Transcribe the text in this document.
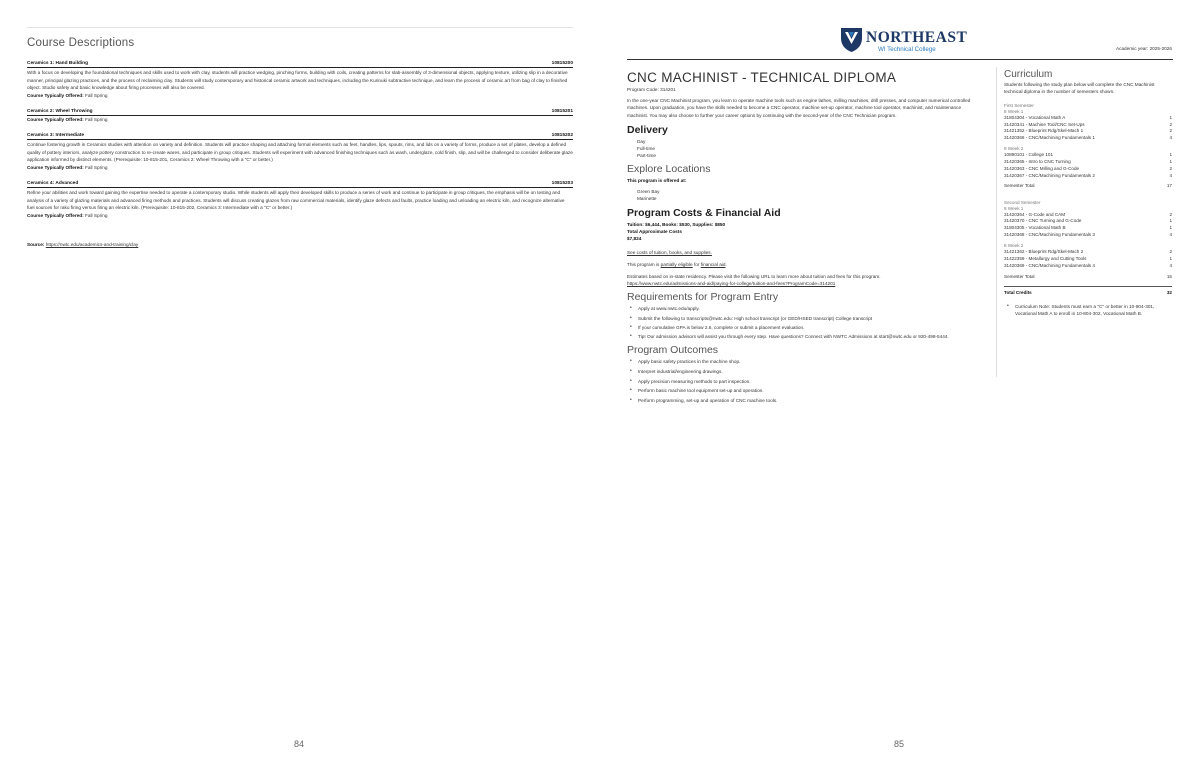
Course Descriptions
Ceramics 1: Hand Building	10815200
With a focus on developing the foundational techniques and skills used to work with clay, students will practice wedging, pinching forms, building with coils, creating patterns for slab-assembly of 3-dimensional objects, applying texture, utilizing slip in a decorative manner, principal glazing practices, and the process of reclaiming clay. Students will study contemporary and historical ceramic artwork and techniques, including the Kurinuki subtractive technique, and learn the process of ceramic art from bag of clay to finished object. Studio safety and basic knowledge about firing processes will also be covered.
Course Typically Offered: Fall Spring
Ceramics 2: Wheel Throwing	10815201
Course Typically Offered: Fall Spring
Ceramics 3: Intermediate	10815202
Continue fostering growth in Ceramics studies with attention on variety and definition. Students will practice shaping and attaching formal elements such as feet, handles, lips, spouts, rims, and lids on a variety of forms, produce a set of plates, develop a defined quality of pottery interiors, analyze pottery construction to re-create wares, and participate in group critiques. Students will experiment with advanced finishing techniques such as wash, underglaze, cold finish, slip, and will be challenged to consider deliberate glaze application informed by distinct elements. (Prerequisite: 10-815-201, Ceramics 2: Wheel Throwing with a "C" or better.)
Course Typically Offered: Fall Spring
Ceramics 4: Advanced	10815203
Refine your abilities and work toward gaining the expertise needed to operate a contemporary studio. While students will apply their developed skills to produce a series of work and continue to participate in group critiques, the emphasis will be on testing and analysis of a variety of glazing materials and advanced firing methods and practices. Students will discuss creating glazes from raw commercial materials, identify glaze defects and faults, practice loading and unloading an electric kiln, and recognize alternative fuel sources for raku firing versus firing an electric kiln. (Prerequisite: 10-815-202, Ceramics 3: Intermediate with a "C" or better.)
Course Typically Offered: Fall Spring
Source: https://nwtc.edu/academics-and-training/clay
84
NORTHEAST
WI Technical College	Academic year: 2025-2026
CNC MACHINIST - TECHNICAL DIPLOMA
Program Code: 314201
In the one-year CNC Machinist program, you learn to operate machine tools such as engine lathes, milling machines, drill presses, and computer numerical controlled machines. Upon graduation, you have the skills needed to become a CNC operator, machine set-up operator, machine tool operator, machinist, and maintenance machinist. You may also choose to further your career options by continuing with the second-year of the CNC Technician program.
Delivery
Day
Full-time
Part-time
Explore Locations
This program is offered at:
Green Bay
Marinette
Program Costs & Financial Aid
Tuition: $6,444, Books: $530, Supplies: $850
Total Approximate Costs
$7,824
See costs of tuition, books, and supplies.
This program is partially eligible for financial aid.
Estimates based on in-state residency. Please visit the following URL to learn more about tuition and fees for this program.
https://www.nwtc.edu/admissions-and-aid/paying-for-college/tuition-and-fees?ProgramCode=314201
Requirements for Program Entry
• Apply at www.nwtc.edu/apply.
• Submit the following to transcripts@nwtc.edu: High school transcript (or GED/HSED transcript) College transcript
• If your cumulative GPA is below 2.6, complete or submit a placement evaluation.
• Tip! Our admission advisors will assist you through every step. Have questions? Connect with NWTC Admissions at start@nwtc.edu or 920-498-5444.
Program Outcomes
• Apply basic safety practices in the machine shop.
• Interpret industrial/engineering drawings.
• Apply precision measuring methods to part inspection.
• Perform basic machine tool equipment set-up and operation.
• Perform programming, set-up and operation of CNC machine tools.
Curriculum
Students following the study plan below will complete the CNC Machinist technical diploma in the number of semesters shown.
First Semester
8 Week 1
31804304 - Vocational Math A	1
31420341 - Machine Tool/CNC Set-Ups	2
31421352 - Blueprint Rdg/Skel-Mach 1	2
31420366 - CNC/Machining Fundamentals 1	4
8 Week 2
10890101 - College 101	1
31420365 - Intro to CNC Turning	1
31420363 - CNC Milling and G-Code	2
31420367 - CNC/Machining Fundamentals 2	4
Semester Total	17
Second Semester
8 Week 1
31420364 - G-Code and CAM	2
31420370 - CNC Turning and G-Code	1
31804305 - Vocational Math B	1
31420368 - CNC/Machining Fundamentals 3	4
8 Week 2
31421362 - Blueprint Rdg/Skel-Mach 2	2
31422359 - Metallurgy and Cutting Tools	1
31420369 - CNC/Machining Fundamentals 4	4
Semester Total	15
Total Credits	32
• Curriculum Note: Students must earn a "C" or better in 10-804-301, Vocational Math A to enroll in 10-804-302, Vocational Math B.
85
